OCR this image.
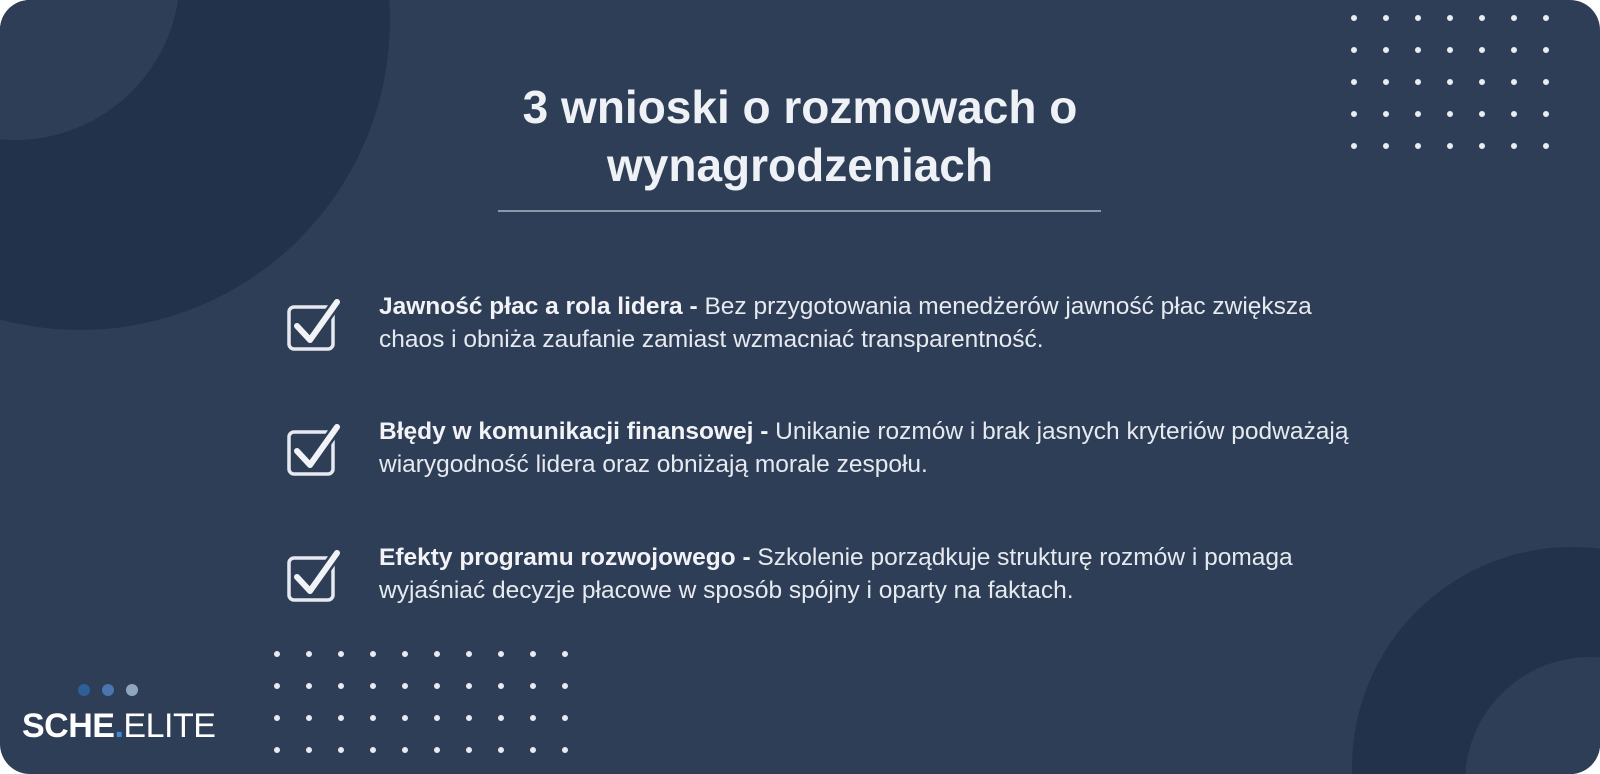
3 wnioski o rozmowach o
wynagrodzeniach

Jawność płac a rola lidera - Bez przygotowania menedżerów jawność płac zwiększa chaos i obniża zaufanie zamiast wzmacniać transparentność.

Błędy w komunikacji finansowej - Unikanie rozmów i brak jasnych kryteriów podważają wiarygodność lidera oraz obniżają morale zespołu.

Efekty programu rozwojowego - Szkolenie porządkuje strukturę rozmów i pomaga wyjaśniać decyzje płacowe w sposób spójny i oparty na faktach.

SCHE.ELITE
